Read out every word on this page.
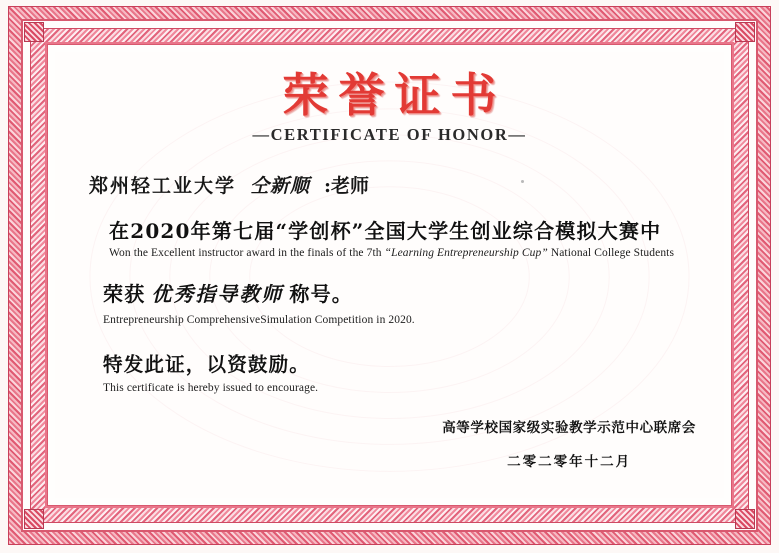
荣誉证书
—CERTIFICATE OF HONOR—
郑州轻工业大学 仝新顺 :老师
在2020年第七届“学创杯”全国大学生创业综合模拟大赛中
Won the Excellent instructor award in the finals of the 7th “Learning Entrepreneurship Cup” National College Students
荣获 优秀指导教师 称号。
Entrepreneurship ComprehensiveSimulation Competition in 2020.
特发此证，以资鼓励。
This certificate is hereby issued to encourage.
高等学校国家级实验教学示范中心联席会
二零二零年十二月
